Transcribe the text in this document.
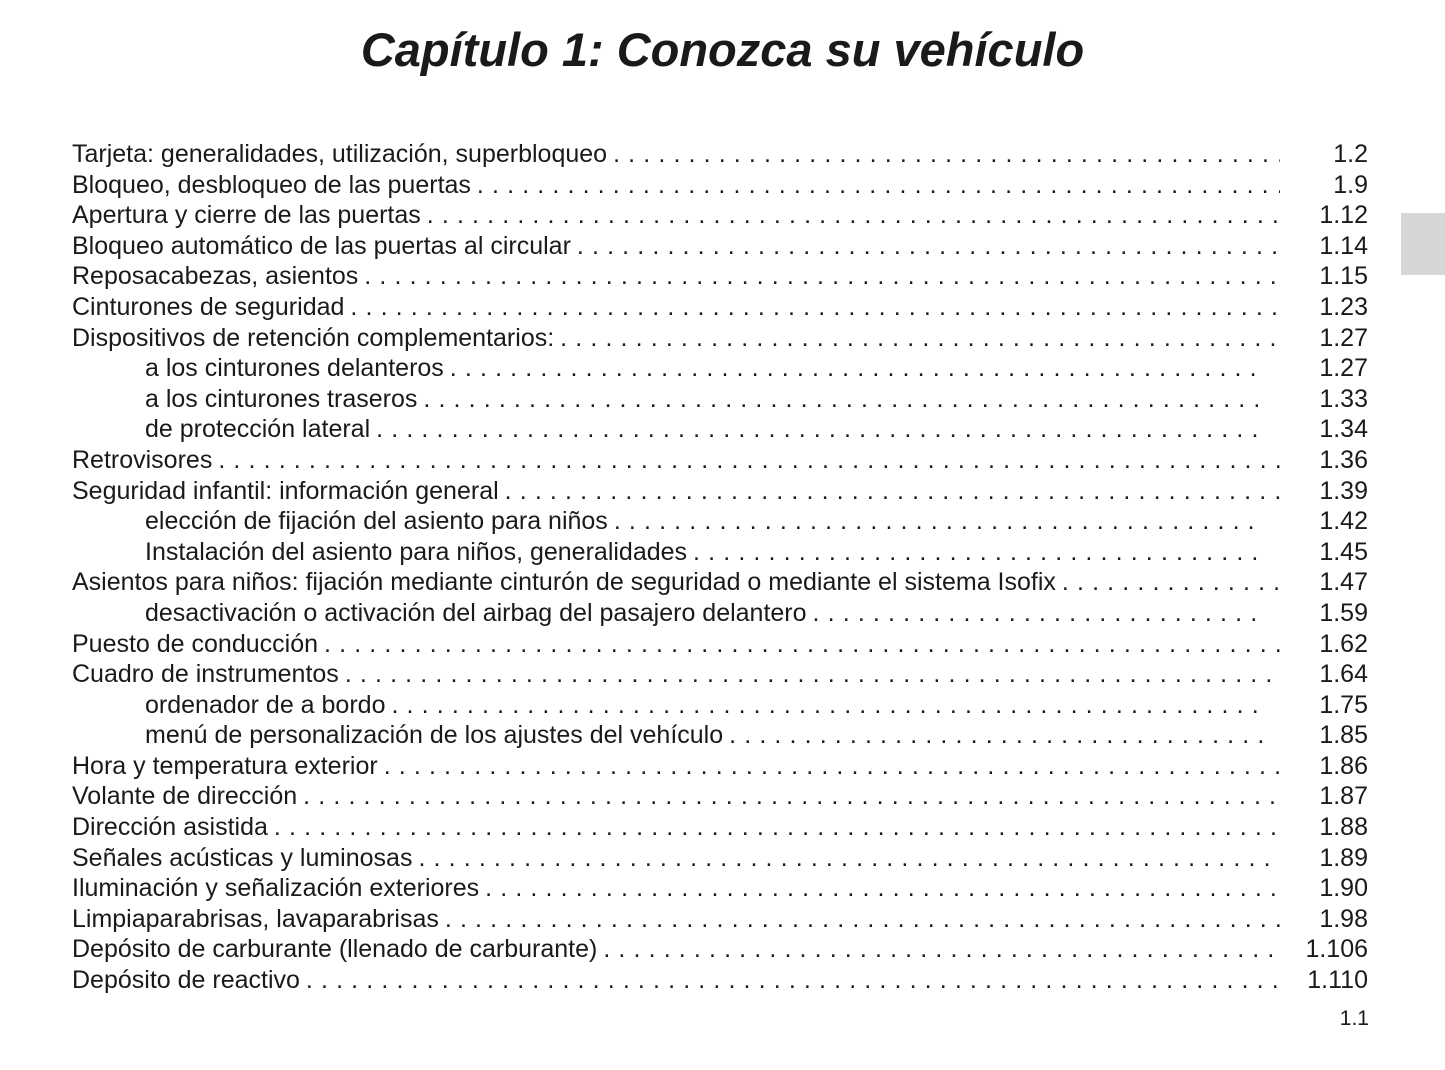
Capítulo 1: Conozca su vehículo
Tarjeta: generalidades, utilización, superbloqueo . . .	1.2
Bloqueo, desbloqueo de las puertas . . .	1.9
Apertura y cierre de las puertas . . .	1.12
Bloqueo automático de las puertas al circular . . .	1.14
Reposacabezas, asientos . . .	1.15
Cinturones de seguridad . . .	1.23
Dispositivos de retención complementarios: . . .	1.27
a los cinturones delanteros . . .	1.27
a los cinturones traseros . . .	1.33
de protección lateral . . .	1.34
Retrovisores . . .	1.36
Seguridad infantil: información general . . .	1.39
elección de fijación del asiento para niños . . .	1.42
Instalación del asiento para niños, generalidades . . .	1.45
Asientos para niños: fijación mediante cinturón de seguridad o mediante el sistema Isofix . . .	1.47
desactivación o activación del airbag del pasajero delantero . . .	1.59
Puesto de conducción . . .	1.62
Cuadro de instrumentos . . .	1.64
ordenador de a bordo . . .	1.75
menú de personalización de los ajustes del vehículo . . .	1.85
Hora y temperatura exterior . . .	1.86
Volante de dirección . . .	1.87
Dirección asistida . . .	1.88
Señales acústicas y luminosas . . .	1.89
Iluminación y señalización exteriores . . .	1.90
Limpiaparabrisas, lavaparabrisas . . .	1.98
Depósito de carburante (llenado de carburante) . . .	1.106
Depósito de reactivo . . .	1.110
1.1
